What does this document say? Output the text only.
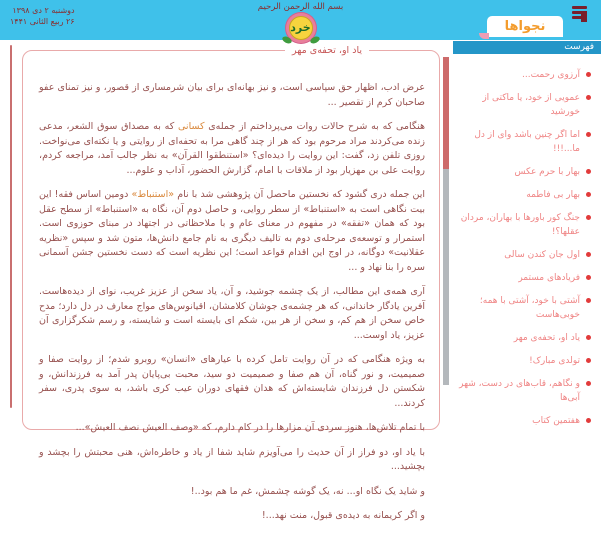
دوشنبه ۲ دی ۱۳۹۸
۲۶ ربیع الثانی ۱۴۴۱
بسم الله الرحمن الرحیم
خرد	نجواها
فهرست
آرزوی رحمت...
عمویی از خود، یا ماکتی از خورشید
اما اگر چنین باشد وای از دل ما...!!!
بهار با حرم عکس
بهار بی فاطمه
جنگ کور باورها با بهاران، مردان عقلها؟!
اول جان کندن سالی
فریادهای مستمر
آشتی با خود، آشتی با همه؛ خوبی‌هاست
یاد او، تحفه‌ی مهر
تولدی مبارک!
و نگاهم، قاب‌های در دست، شهر آبی‌ها
هفتمین کتاب
یاد او، تحفه‌ی مهر

عرض ادب، اظهار حق سپاسی است، و نیز بهانه‌ای برای بیان شرمساری از قصور، و نیز تمنای عفو صاحبان کرم از تقصیر ...

هنگامی که به شرح حالات روات می‌پرداختم از جمله‌ی کسانی که به مصداق سوق الشعر، مدعی زنده می‌کردند مراد مرحوم بود که هر از چند گاهی مرا به تحفه‌ای از روایتی و یا نکته‌ای می‌نواخت. روزی تلفن زد، گفت: این روایت را دیده‌ای؟ «استنطقوا القرآن» به نظر جالب آمد، مراجعه کردم، روایت علی بن مهزیار بود از ملاقات با امام، گزارش الحضور، آداب و علوم...

این جمله دری گشود که نخستین ماحصل آن پژوهشی شد با نام «استنباط» دومین اساس فقه! این بیت نگاهی است به «استنباط» از سطر روایی، و حاصل دوم آن، نگاه به «استنباط» از سطح عقل بود که همان «تفقه» در مفهوم در معنای عام و با ملاحظاتی در اجتهاد در مبنای حوزوی است. استمرار و توسعه‌ی مرحله‌ی دوم به تالیف دیگری به نام جامع دانش‌ها، متون شد و سپس «نظریه عقلانیت» دوگانه، در اوج این اقدام قواعد است؛ این نظریه است که دست نخستین جشن آسمانی سره را بنا نهاد و ...

آری همه‌ی این مطالب، از یک چشمه جوشید، و آن، یاد سخن از عزیز غریب، نوای از دیده‌هاست. آفرین یادگار خاندانی، که هر چشمه‌ی جوشان کلامشان، اقیانوس‌های مواج معارف در دل دارد؛ مدح خاص سخن از هم کم، و سخن از هر بین، شکم ای بایسته است و شایسته، و رسم شکرگزاری آن عزیز، یاد اوست...

به ویژه هنگامی که در آن روایت تامل کرده با عیارهای «انسان» روبرو شدم؛ از روایت صفا و صمیمیت، و نور گناه، آن هم صفا و صمیمیت دو سید، محبت بی‌پایان پدر آمد به فرزندانش، و شکستن دل فرزندان شایسته‌اش که هدان فقهای دوران عیب کری باشد، به سوی پدری، سفر کردند...

با تمام تلاش‌ها، هنوز سردی آن مزارها را در کام دارم، که «وصف العیش نصف العیش»...

با یاد او، دو فراز از آن حدیث را می‌آویزم شاید شفا از یاد و خاطره‌اش، هنی محبتش را بچشد و بچشید...

و شاید یک نگاه او... نه، یک گوشه چشمش، غم ما هم بود..!

و اگر کریمانه به دیده‌ی قبول، منت نهد...!
